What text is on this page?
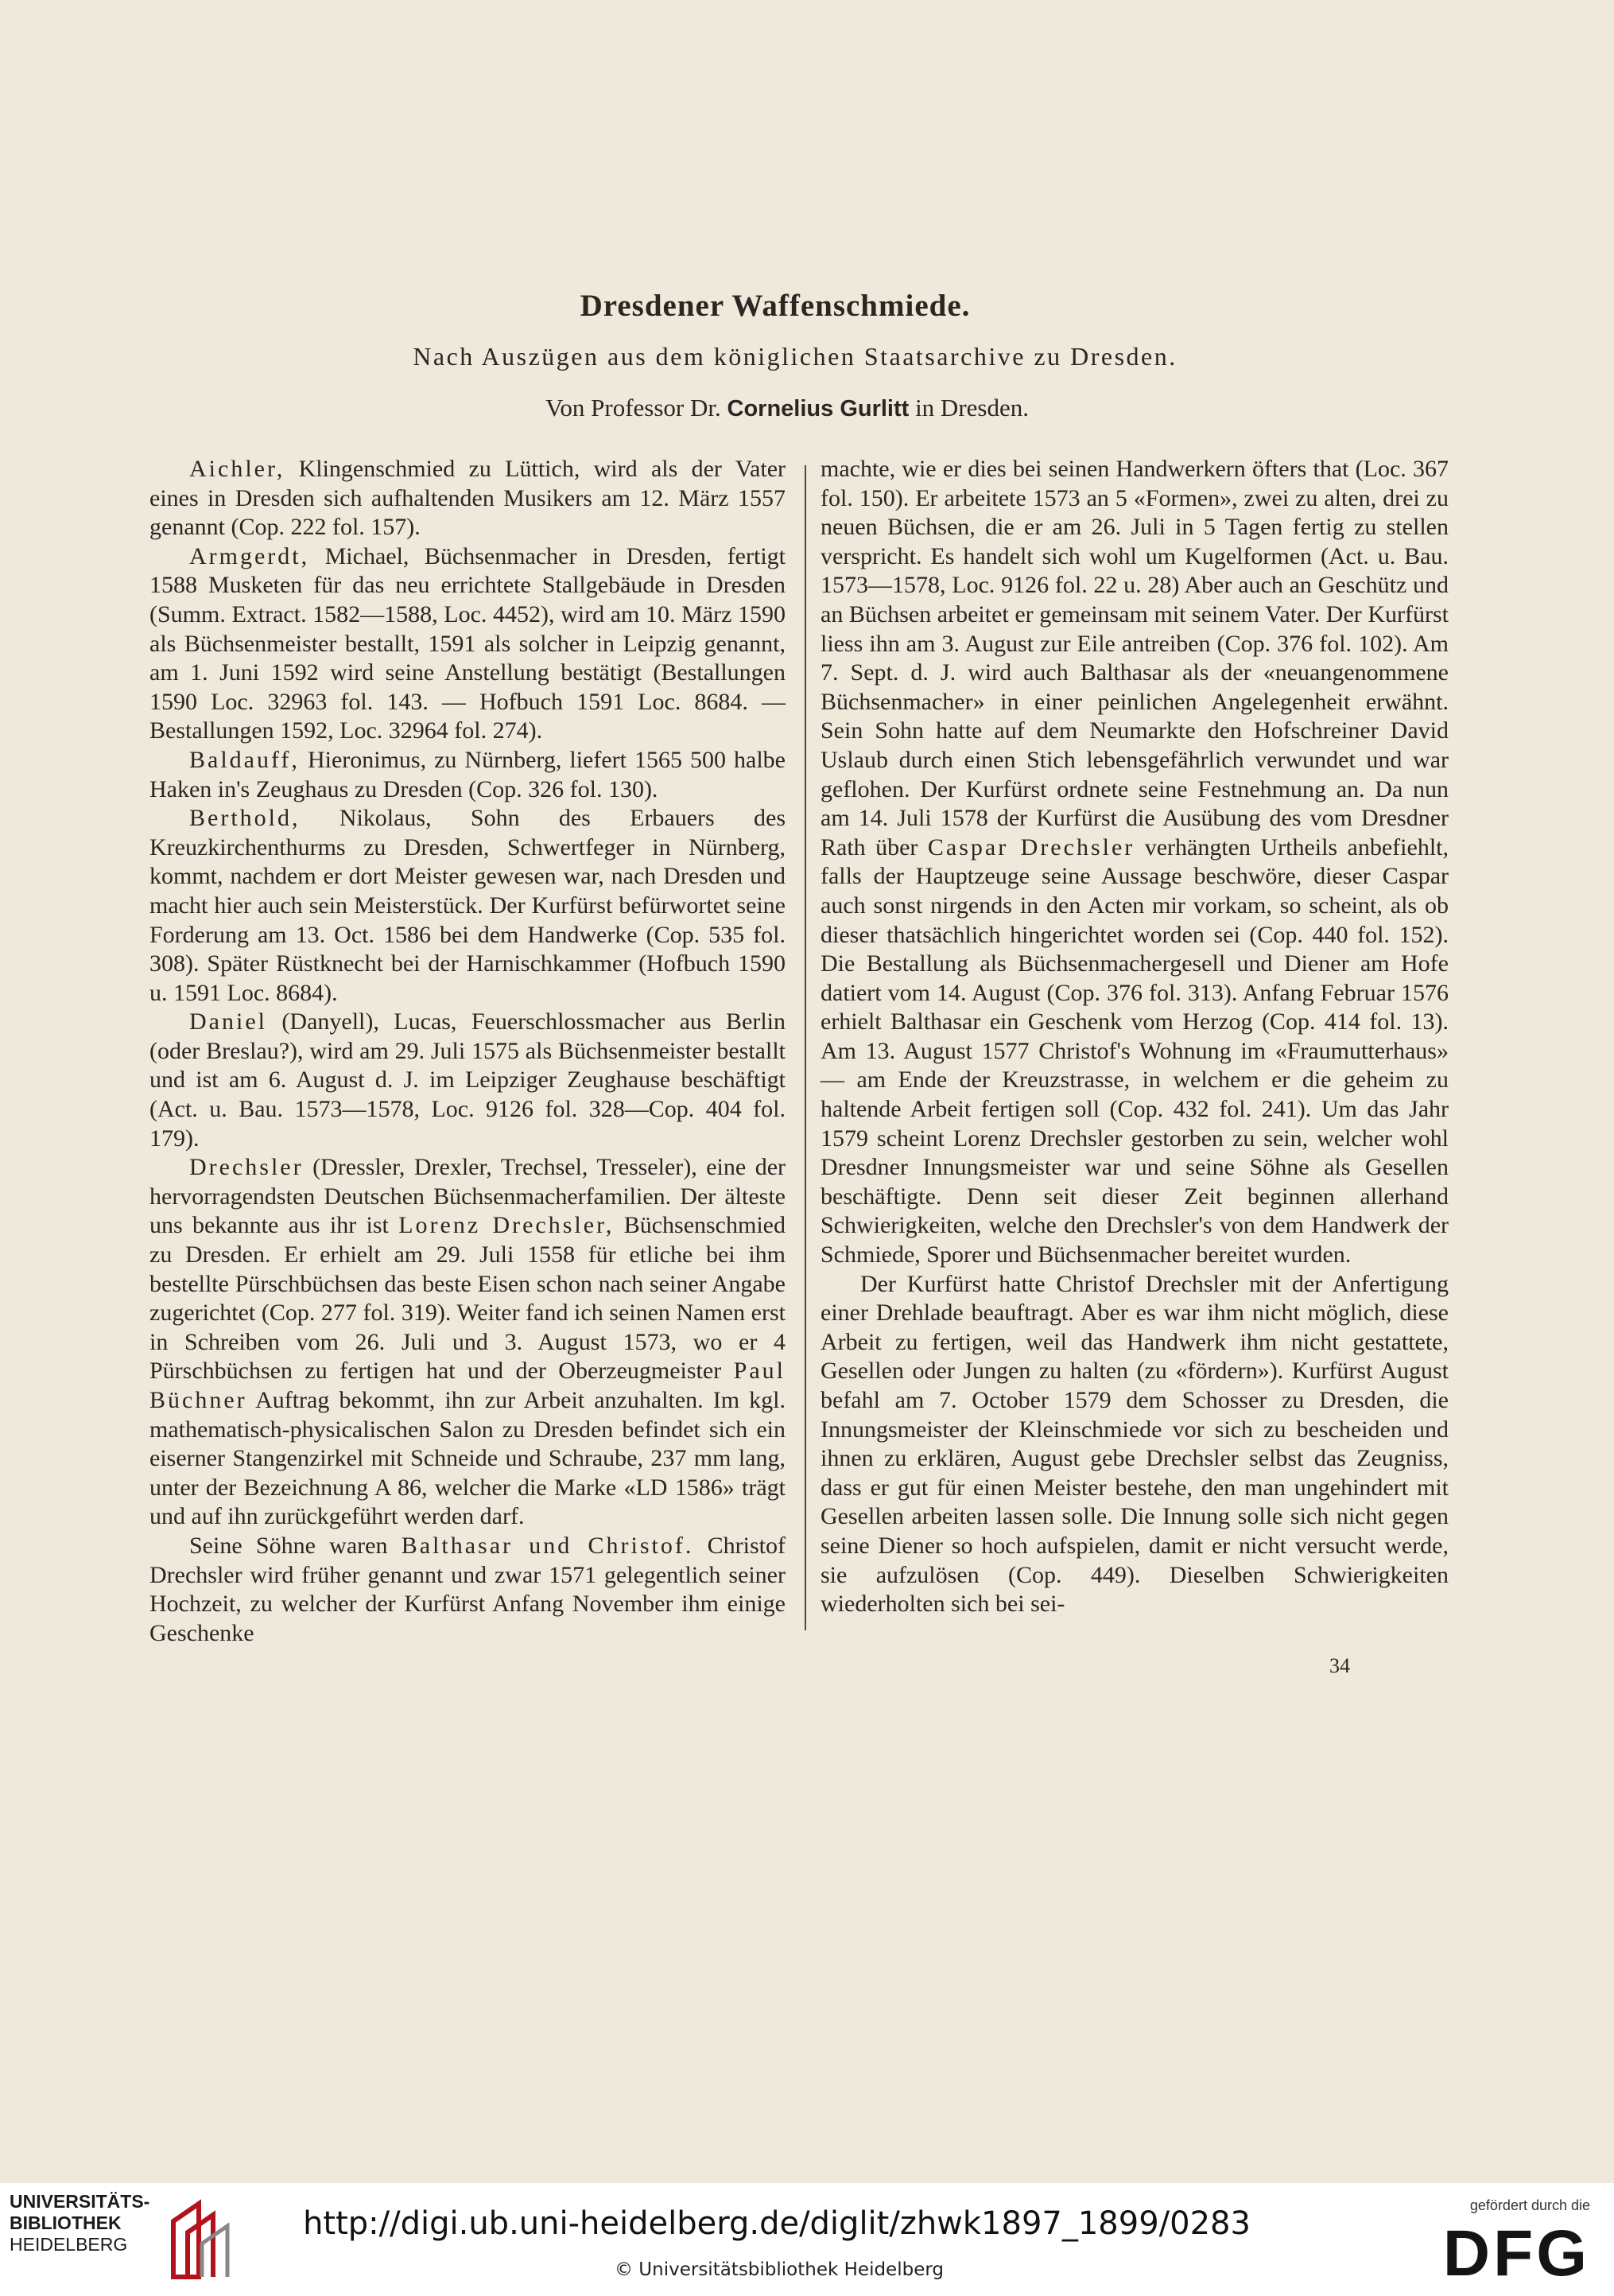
Dresdener Waffenschmiede.
Nach Auszügen aus dem königlichen Staatsarchive zu Dresden.
Von Professor Dr. Cornelius Gurlitt in Dresden.

Aichler, Klingenschmied zu Lüttich, wird als der Vater eines in Dresden sich aufhaltenden Musikers am 12. März 1557 genannt (Cop. 222 fol. 157).

Armgerdt, Michael, Büchsenmacher in Dresden, fertigt 1588 Musketen für das neu errichtete Stallgebäude in Dresden (Summ. Extract. 1582—1588, Loc. 4452), wird am 10. März 1590 als Büchsenmeister bestallt, 1591 als solcher in Leipzig genannt, am 1. Juni 1592 wird seine Anstellung bestätigt (Bestallungen 1590 Loc. 32963 fol. 143. — Hofbuch 1591 Loc. 8684. — Bestallungen 1592, Loc. 32964 fol. 274).

Baldauff, Hieronimus, zu Nürnberg, liefert 1565 500 halbe Haken in's Zeughaus zu Dresden (Cop. 326 fol. 130).

Berthold, Nikolaus, Sohn des Erbauers des Kreuzkirchenthurms zu Dresden, Schwertfeger in Nürnberg, kommt, nachdem er dort Meister gewesen war, nach Dresden und macht hier auch sein Meisterstück. Der Kurfürst befürwortet seine Forderung am 13. Oct. 1586 bei dem Handwerke (Cop. 535 fol. 308). Später Rüstknecht bei der Harnischkammer (Hofbuch 1590 u. 1591 Loc. 8684).

Daniel (Danyell), Lucas, Feuerschlossmacher aus Berlin (oder Breslau?), wird am 29. Juli 1575 als Büchsenmeister bestallt und ist am 6. August d. J. im Leipziger Zeughause beschäftigt (Act. u. Bau. 1573—1578, Loc. 9126 fol. 328—Cop. 404 fol. 179).

Drechsler (Dressler, Drexler, Trechsel, Tresseler), eine der hervorragendsten Deutschen Büchsenmacherfamilien. Der älteste uns bekannte aus ihr ist Lorenz Drechsler, Büchsenschmied zu Dresden. Er erhielt am 29. Juli 1558 für etliche bei ihm bestellte Pürschbüchsen das beste Eisen schon nach seiner Angabe zugerichtet (Cop. 277 fol. 319). Weiter fand ich seinen Namen erst in Schreiben vom 26. Juli und 3. August 1573, wo er 4 Pürschbüchsen zu fertigen hat und der Oberzeugmeister Paul Büchner Auftrag bekommt, ihn zur Arbeit anzuhalten. Im kgl. mathematisch-physicalischen Salon zu Dresden befindet sich ein eiserner Stangenzirkel mit Schneide und Schraube, 237 mm lang, unter der Bezeichnung A 86, welcher die Marke «LD 1586» trägt und auf ihn zurückgeführt werden darf.

Seine Söhne waren Balthasar und Christof. Christof Drechsler wird früher genannt und zwar 1571 gelegentlich seiner Hochzeit, zu welcher der Kurfürst Anfang November ihm einige Geschenke

machte, wie er dies bei seinen Handwerkern öfters that (Loc. 367 fol. 150). Er arbeitete 1573 an 5 «Formen», zwei zu alten, drei zu neuen Büchsen, die er am 26. Juli in 5 Tagen fertig zu stellen verspricht. Es handelt sich wohl um Kugelformen (Act. u. Bau. 1573—1578, Loc. 9126 fol. 22 u. 28) Aber auch an Geschütz und an Büchsen arbeitet er gemeinsam mit seinem Vater. Der Kurfürst liess ihn am 3. August zur Eile antreiben (Cop. 376 fol. 102). Am 7. Sept. d. J. wird auch Balthasar als der «neuangenommene Büchsenmacher» in einer peinlichen Angelegenheit erwähnt. Sein Sohn hatte auf dem Neumarkte den Hofschreiner David Uslaub durch einen Stich lebensgefährlich verwundet und war geflohen. Der Kurfürst ordnete seine Festnehmung an. Da nun am 14. Juli 1578 der Kurfürst die Ausübung des vom Dresdner Rath über Caspar Drechsler verhängten Urtheils anbefiehlt, falls der Hauptzeuge seine Aussage beschwöre, dieser Caspar auch sonst nirgends in den Acten mir vorkam, so scheint, als ob dieser thatsächlich hingerichtet worden sei (Cop. 440 fol. 152). Die Bestallung als Büchsenmachergesell und Diener am Hofe datiert vom 14. August (Cop. 376 fol. 313). Anfang Februar 1576 erhielt Balthasar ein Geschenk vom Herzog (Cop. 414 fol. 13). Am 13. August 1577 Christof's Wohnung im «Fraumutterhaus» — am Ende der Kreuzstrasse, in welchem er die geheim zu haltende Arbeit fertigen soll (Cop. 432 fol. 241). Um das Jahr 1579 scheint Lorenz Drechsler gestorben zu sein, welcher wohl Dresdner Innungsmeister war und seine Söhne als Gesellen beschäftigte. Denn seit dieser Zeit beginnen allerhand Schwierigkeiten, welche den Drechsler's von dem Handwerk der Schmiede, Sporer und Büchsenmacher bereitet wurden.

Der Kurfürst hatte Christof Drechsler mit der Anfertigung einer Drehlade beauftragt. Aber es war ihm nicht möglich, diese Arbeit zu fertigen, weil das Handwerk ihm nicht gestattete, Gesellen oder Jungen zu halten (zu «fördern»). Kurfürst August befahl am 7. October 1579 dem Schosser zu Dresden, die Innungsmeister der Kleinschmiede vor sich zu bescheiden und ihnen zu erklären, August gebe Drechsler selbst das Zeugniss, dass er gut für einen Meister bestehe, den man ungehindert mit Gesellen arbeiten lassen solle. Die Innung solle sich nicht gegen seine Diener so hoch aufspielen, damit er nicht versucht werde, sie aufzulösen (Cop. 449). Dieselben Schwierigkeiten wiederholten sich bei sei-

34
UNIVERSITÄTS-
BIBLIOTHEK
HEIDELBERG
http://digi.ub.uni-heidelberg.de/diglit/zhwk1897_1899/0283
© Universitätsbibliothek Heidelberg
gefördert durch die
DFG
